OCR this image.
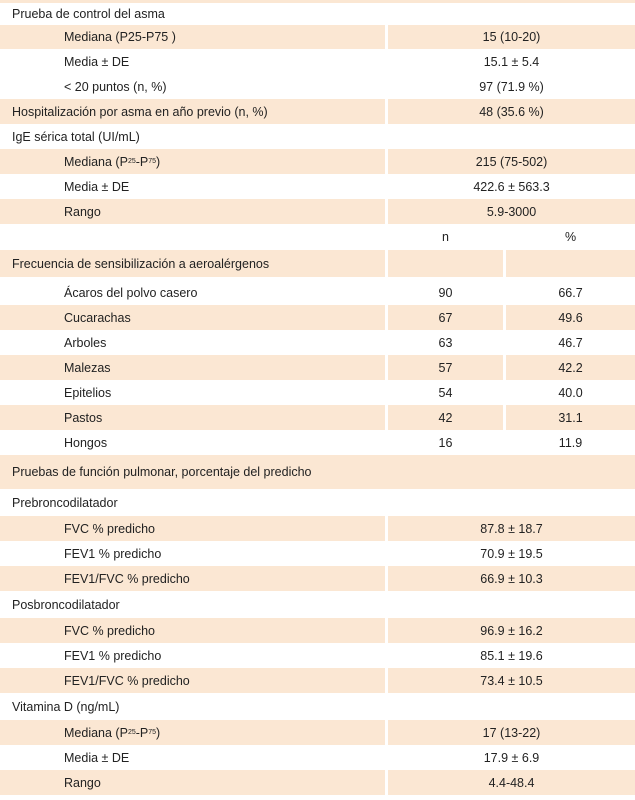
Prueba de control del asma
Mediana (P25-P75 )	15 (10-20)
Media ± DE	15.1 ± 5.4
< 20 puntos (n, %)	97 (71.9 %)
Hospitalización por asma en año previo (n, %)	48 (35.6 %)
IgE sérica total (UI/mL)
Mediana (P 25 -P 75 )	215 (75-502)
Media ± DE	422.6 ± 563.3
Rango	5.9-3000
n	%
Frecuencia de sensibilización a aeroalérgenos
Ácaros del polvo casero	90	66.7
Cucarachas	67	49.6
Arboles	63	46.7
Malezas	57	42.2
Epitelios	54	40.0
Pastos	42	31.1
Hongos	16	11.9
Pruebas de función pulmonar, porcentaje del predicho
Prebroncodilatador
FVC % predicho	87.8 ± 18.7
FEV1 % predicho	70.9 ± 19.5
FEV1/FVC % predicho	66.9 ± 10.3
Posbroncodilatador
FVC % predicho	96.9 ± 16.2
FEV1 % predicho	85.1 ± 19.6
FEV1/FVC % predicho	73.4 ± 10.5
Vitamina D (ng/mL)
Mediana (P 25 -P 75 )	17 (13-22)
Media ± DE	17.9 ± 6.9
Rango	4.4-48.4
